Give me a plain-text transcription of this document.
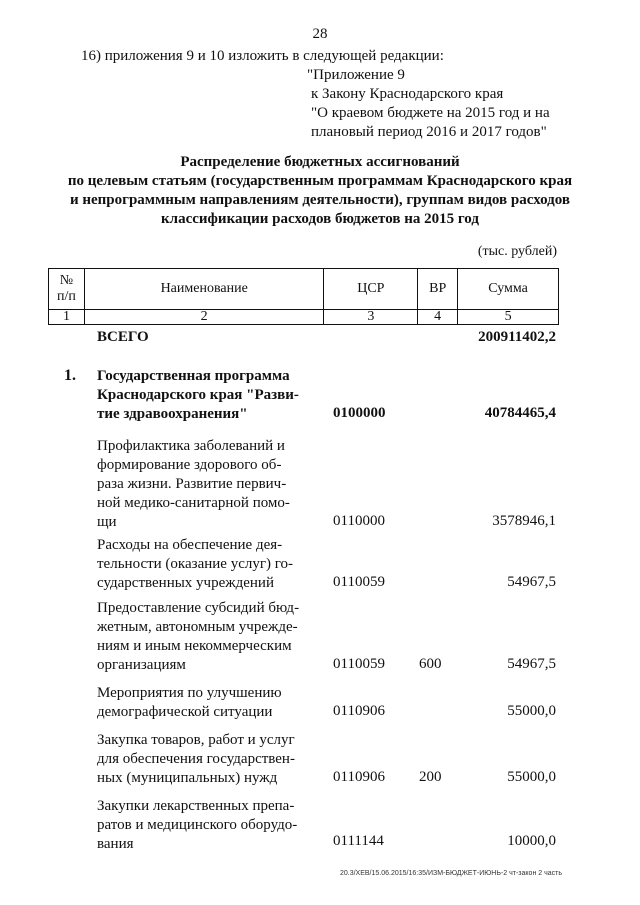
28
16) приложения 9 и 10 изложить в следующей редакции:
"Приложение 9
к Закону Краснодарского края
"О краевом бюджете на 2015 год и на
плановый период 2016 и 2017 годов"
Распределение бюджетных ассигнований
по целевым статьям (государственным программам Краснодарского края
и непрограммным направлениям деятельности), группам видов расходов
классификации расходов бюджетов на 2015 год
(тыс. рублей)
№
п/п	Наименование	ЦСР	ВР	Сумма
1	2	3	4	5
ВСЕГО	200911402,2
1. Государственная программа
Краснодарского края "Разви-
тие здравоохранения"	0100000	40784465,4
Профилактика заболеваний и
формирование здорового об-
раза жизни. Развитие первич-
ной медико-санитарной помо-
щи	0110000	3578946,1
Расходы на обеспечение дея-
тельности (оказание услуг) го-
сударственных учреждений	0110059	54967,5
Предоставление субсидий бюд-
жетным, автономным учрежде-
ниям и иным некоммерческим
организациям	0110059 600	54967,5
Мероприятия по улучшению
демографической ситуации	0110906	55000,0
Закупка товаров, работ и услуг
для обеспечения государствен-
ных (муниципальных) нужд	0110906 200	55000,0
Закупки лекарственных препа-
ратов и медицинского оборудо-
вания	0111144	10000,0
20.3/XEB/15.06.2015/16:35/ИЗМ-БЮДЖЕТ-ИЮНЬ-2 чт-закон 2 часть
